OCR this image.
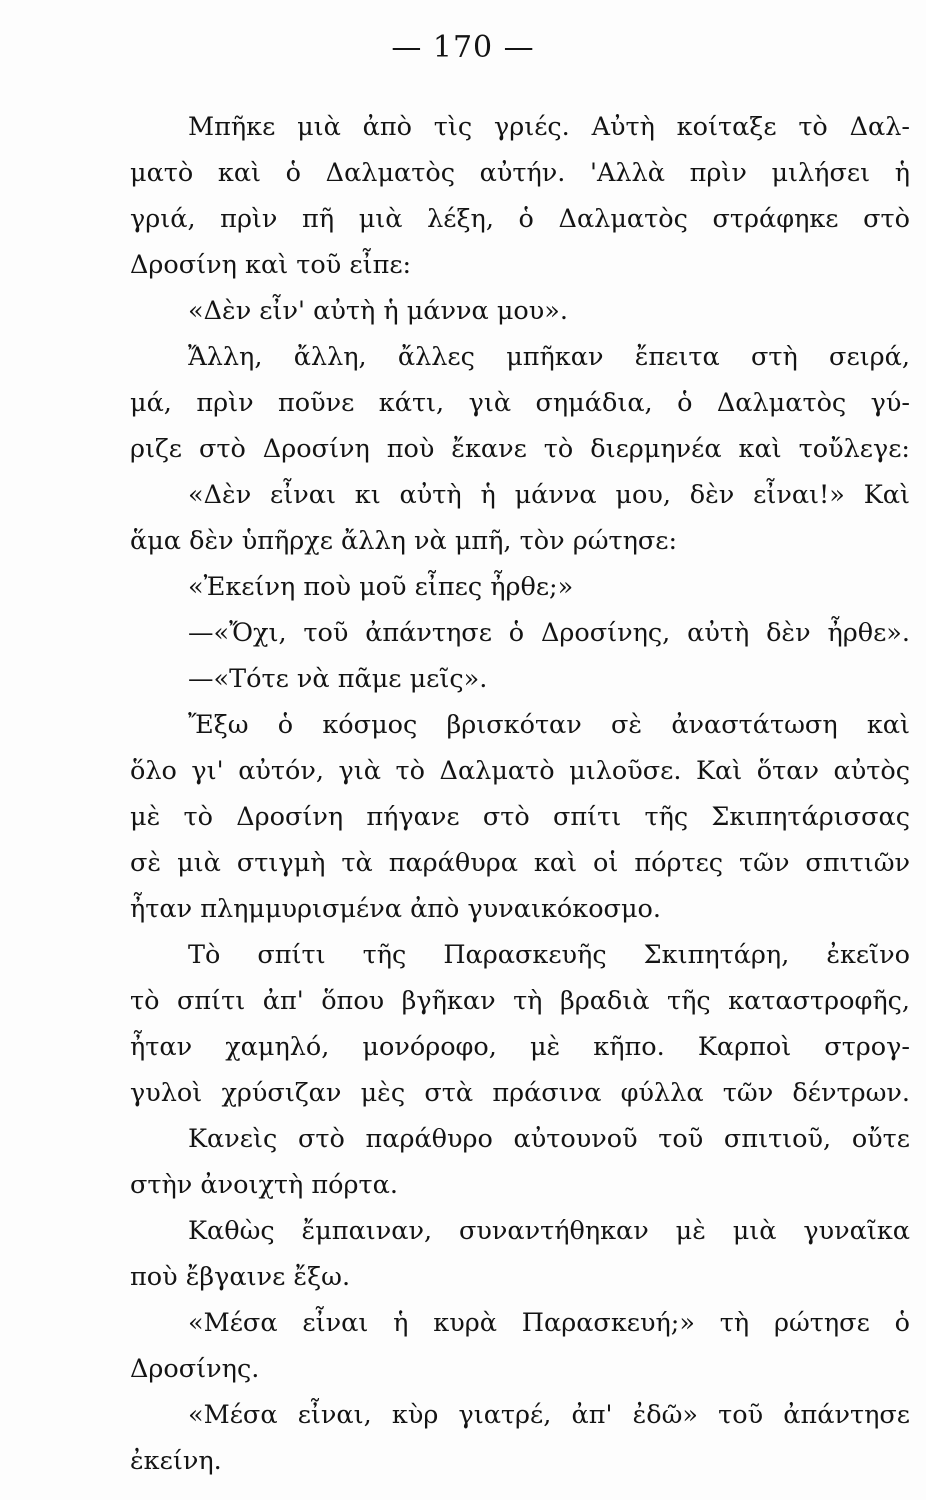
— 170 —
Μπῆκε μιὰ ἀπὸ τὶς γριές. Αὐτὴ κοίταξε τὸ Δαλ-
ματὸ καὶ ὁ Δαλματὸς αὐτήν. 'Αλλὰ πρὶν μιλήσει ἡ
γριά, πρὶν πῆ μιὰ λέξη, ὁ Δαλματὸς στράφηκε στὸ
Δροσίνη καὶ τοῦ εἶπε:
«Δὲν εἶν' αὐτὴ ἡ μάννα μου».
Ἄλλη, ἄλλη, ἄλλες μπῆκαν ἔπειτα στὴ σειρά,
μά, πρὶν ποῦνε κάτι, γιὰ σημάδια, ὁ Δαλματὸς γύ-
ριζε στὸ Δροσίνη ποὺ ἔκανε τὸ διερμηνέα καὶ τοὔλεγε:
«Δὲν εἶναι κι αὐτὴ ἡ μάννα μου, δὲν εἶναι!» Καὶ
ἅμα δὲν ὑπῆρχε ἄλλη νὰ μπῆ, τὸν ρώτησε:
«Ἐκείνη ποὺ μοῦ εἶπες ἦρθε;»
—«Ὄχι, τοῦ ἀπάντησε ὁ Δροσίνης, αὐτὴ δὲν ἦρθε».
—«Τότε νὰ πᾶμε μεῖς».
Ἔξω ὁ κόσμος βρισκόταν σὲ ἀναστάτωση καὶ
ὅλο γι' αὐτόν, γιὰ τὸ Δαλματὸ μιλοῦσε. Καὶ ὅταν αὐτὸς
μὲ τὸ Δροσίνη πήγανε στὸ σπίτι τῆς Σκιπητάρισσας
σὲ μιὰ στιγμὴ τὰ παράθυρα καὶ οἱ πόρτες τῶν σπιτιῶν
ἦταν πλημμυρισμένα ἀπὸ γυναικόκοσμο.
Τὸ σπίτι τῆς Παρασκευῆς Σκιπητάρη, ἐκεῖνο
τὸ σπίτι ἀπ' ὅπου βγῆκαν τὴ βραδιὰ τῆς καταστροφῆς,
ἦταν χαμηλό, μονόροφο, μὲ κῆπο. Καρποὶ στρογ-
γυλοὶ χρύσιζαν μὲς στὰ πράσινα φύλλα τῶν δέντρων.
Κανεὶς στὸ παράθυρο αὐτουνοῦ τοῦ σπιτιοῦ, οὔτε
στὴν ἀνοιχτὴ πόρτα.
Καθὼς ἔμπαιναν, συναντήθηκαν μὲ μιὰ γυναῖκα
ποὺ ἔβγαινε ἔξω.
«Μέσα εἶναι ἡ κυρὰ Παρασκευή;» τὴ ρώτησε ὁ
Δροσίνης.
«Μέσα εἶναι, κὺρ γιατρέ, ἀπ' ἐδῶ» τοῦ ἀπάντησε
ἐκείνη.
